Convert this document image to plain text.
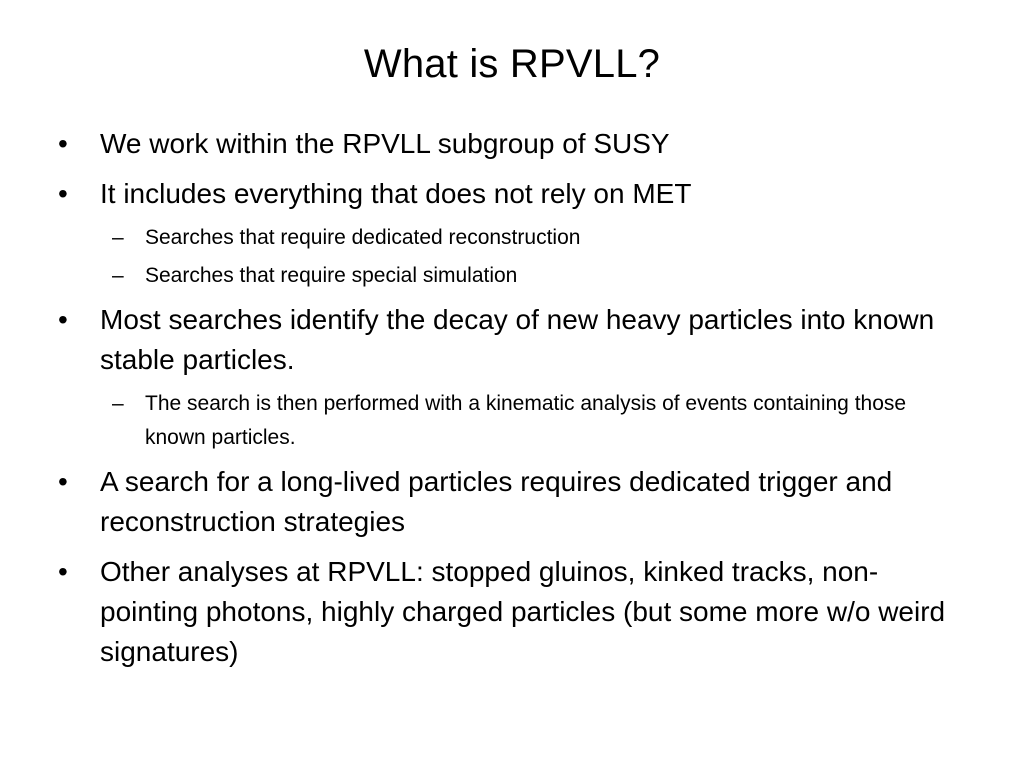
What is RPVLL?
•	We work within the RPVLL subgroup of SUSY
•	It includes everything that does not rely on MET
– Searches that require dedicated reconstruction
– Searches that require special simulation
•	Most searches identify the decay of new heavy particles into known stable particles.
– The search is then performed with a kinematic analysis of events containing those known particles.
•	A search for a long-lived particles requires dedicated trigger and reconstruction strategies
•	Other analyses at RPVLL: stopped gluinos, kinked tracks, non-pointing photons, highly charged particles (but some more w/o weird signatures)
